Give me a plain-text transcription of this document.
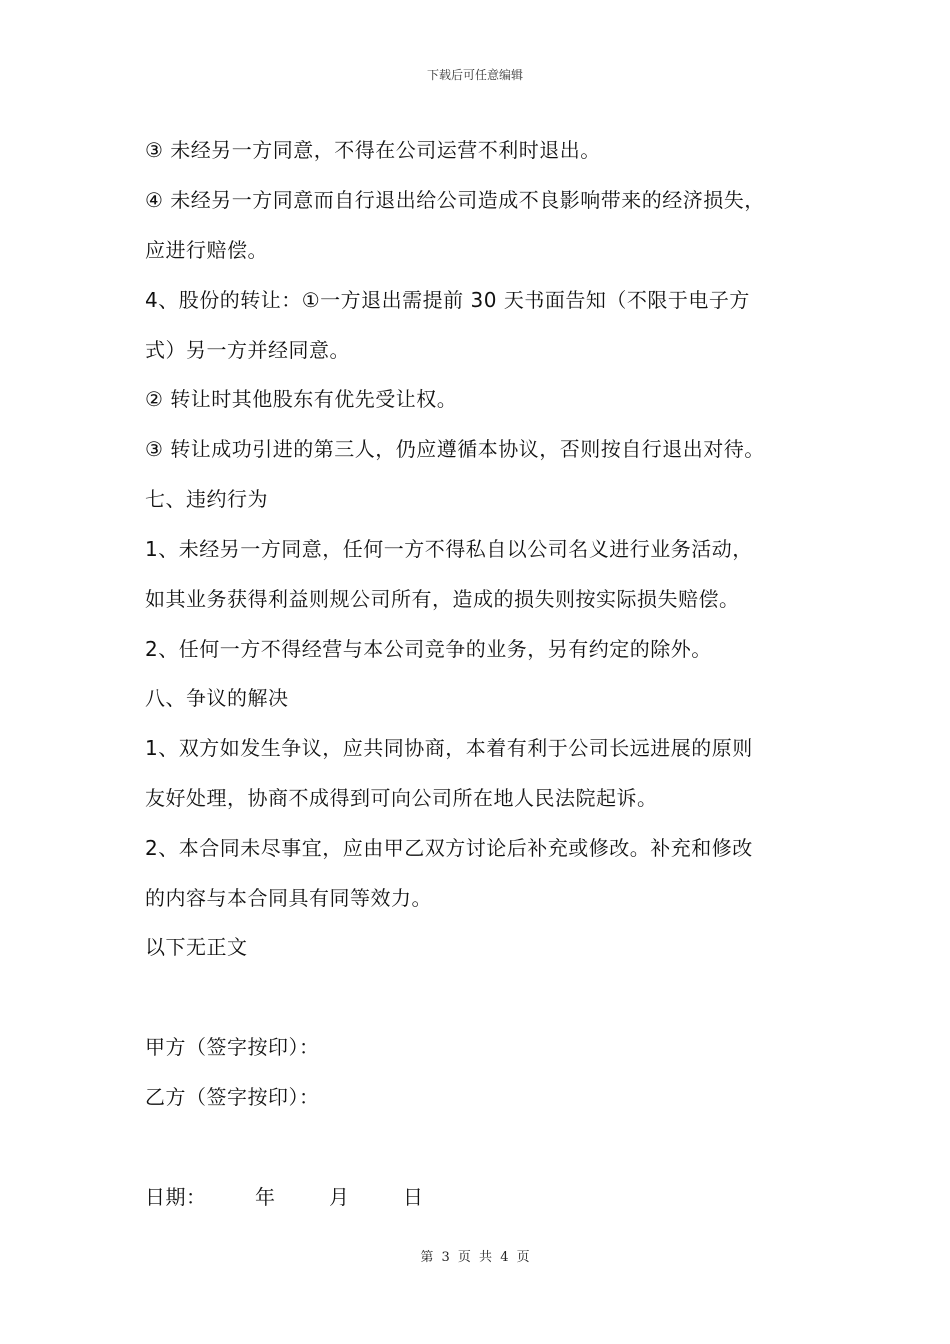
下载后可任意编辑
③ 未经另一方同意，不得在公司运营不利时退出。
④ 未经另一方同意而自行退出给公司造成不良影响带来的经济损失，
应进行赔偿。
4、股份的转让：①一方退出需提前 30 天书面告知（不限于电子方
式）另一方并经同意。
② 转让时其他股东有优先受让权。
③ 转让成功引进的第三人，仍应遵循本协议，否则按自行退出对待。
七、违约行为
1、未经另一方同意，任何一方不得私自以公司名义进行业务活动，
如其业务获得利益则规公司所有，造成的损失则按实际损失赔偿。
2、任何一方不得经营与本公司竞争的业务，另有约定的除外。
八、争议的解决
1、双方如发生争议，应共同协商，本着有利于公司长远进展的原则
友好处理，协商不成得到可向公司所在地人民法院起诉。
2、本合同未尽事宜，应由甲乙双方讨论后补充或修改。补充和修改
的内容与本合同具有同等效力。
以下无正文
甲方（签字按印）：
乙方（签字按印）：
日期： 年	月	日
第 3 页 共 4 页
